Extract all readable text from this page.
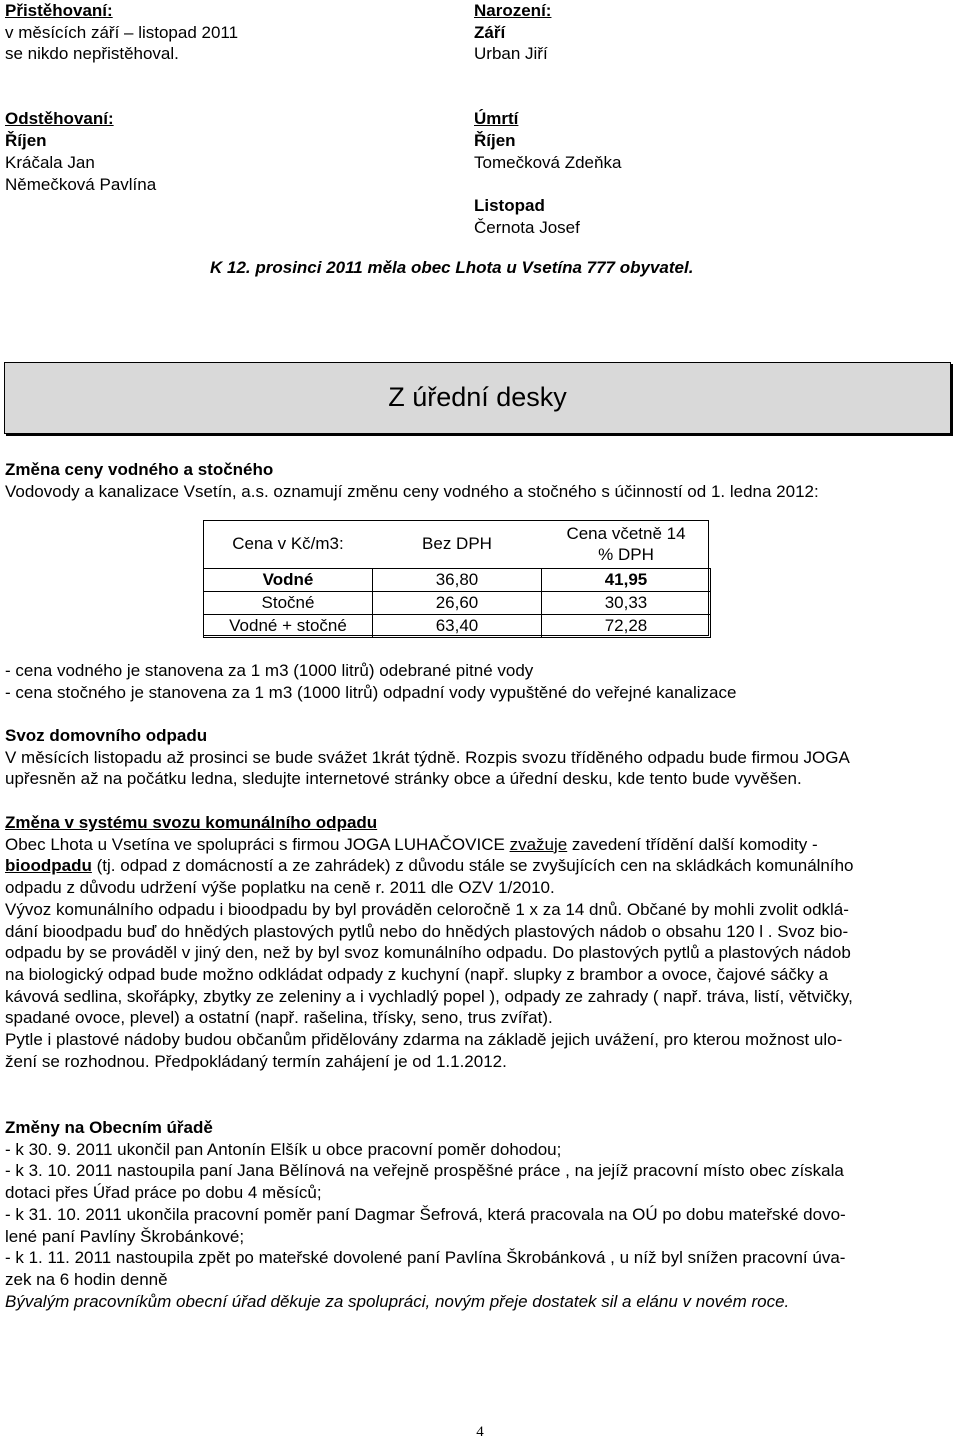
Přistěhovaní:
v měsících září – listopad 2011
se nikdo nepřistěhoval.
Odstěhovaní:
Říjen
Kráčala Jan
Němečková Pavlína
Narození:
Září
Urban Jiří
Úmrtí
Říjen
Tomečková Zdeňka
Listopad
Černota Josef
K 12. prosinci 2011 měla obec Lhota u Vsetína 777 obyvatel.
Z úřední desky
Změna ceny vodného a stočného
Vodovody a kanalizace Vsetín, a.s. oznamují změnu ceny vodného a stočného s účinností od 1. ledna 2012:
Cena v Kč/m3:	Bez DPH	Cena včetně 14
% DPH

Vodné	36,80	41,95
Stočné	26,60	30,33
Vodné + stočné	63,40	72,28
- cena vodného je stanovena za 1 m3 (1000 litrů) odebrané pitné vody
- cena stočného je stanovena za 1 m3 (1000 litrů) odpadní vody vypuštěné do veřejné kanalizace
Svoz domovního odpadu
V měsících listopadu až prosinci se bude svážet 1krát týdně. Rozpis svozu tříděného odpadu bude firmou JOGA
upřesněn až na počátku ledna, sledujte internetové stránky obce a úřední desku, kde tento bude vyvěšen.
Změna v systému svozu komunálního odpadu
Obec Lhota u Vsetína ve spolupráci s firmou JOGA LUHAČOVICE zvažuje zavedení třídění další komodity -
bioodpadu (tj. odpad z domácností a ze zahrádek) z důvodu stále se zvyšujících cen na skládkách komunálního
odpadu z důvodu udržení výše poplatku na ceně r. 2011 dle OZV 1/2010.
Vývoz komunálního odpadu i bioodpadu by byl prováděn celoročně 1 x za 14 dnů. Občané by mohli zvolit odklá-
dání bioodpadu buď do hnědých plastových pytlů nebo do hnědých plastových nádob o obsahu 120 l . Svoz bio-
odpadu by se prováděl v jiný den, než by byl svoz komunálního odpadu. Do plastových pytlů a plastových nádob
na biologický odpad bude možno odkládat odpady z kuchyní (např. slupky z brambor a ovoce, čajové sáčky a
kávová sedlina, skořápky, zbytky ze zeleniny a i vychladlý popel ), odpady ze zahrady ( např. tráva, listí, větvičky,
spadané ovoce, plevel) a ostatní (např. rašelina, třísky, seno, trus zvířat).
Pytle i plastové nádoby budou občanům přidělovány zdarma na základě jejich uvážení, pro kterou možnost ulo-
žení se rozhodnou. Předpokládaný termín zahájení je od 1.1.2012.
Změny na Obecním úřadě
- k 30. 9. 2011 ukončil pan Antonín Elšík u obce pracovní poměr dohodou;
- k 3. 10. 2011 nastoupila paní Jana Bělínová na veřejně prospěšné práce , na jejíž pracovní místo obec získala
dotaci přes Úřad práce po dobu 4 měsíců;
- k 31. 10. 2011 ukončila pracovní poměr paní Dagmar Šefrová, která pracovala na OÚ po dobu mateřské dovo-
lené paní Pavlíny Škrobánkové;
- k 1. 11. 2011 nastoupila zpět po mateřské dovolené paní Pavlína Škrobánková , u níž byl snížen pracovní úva-
zek na 6 hodin denně
Bývalým pracovníkům obecní úřad děkuje za spolupráci, novým přeje dostatek sil a elánu v novém roce.
4
